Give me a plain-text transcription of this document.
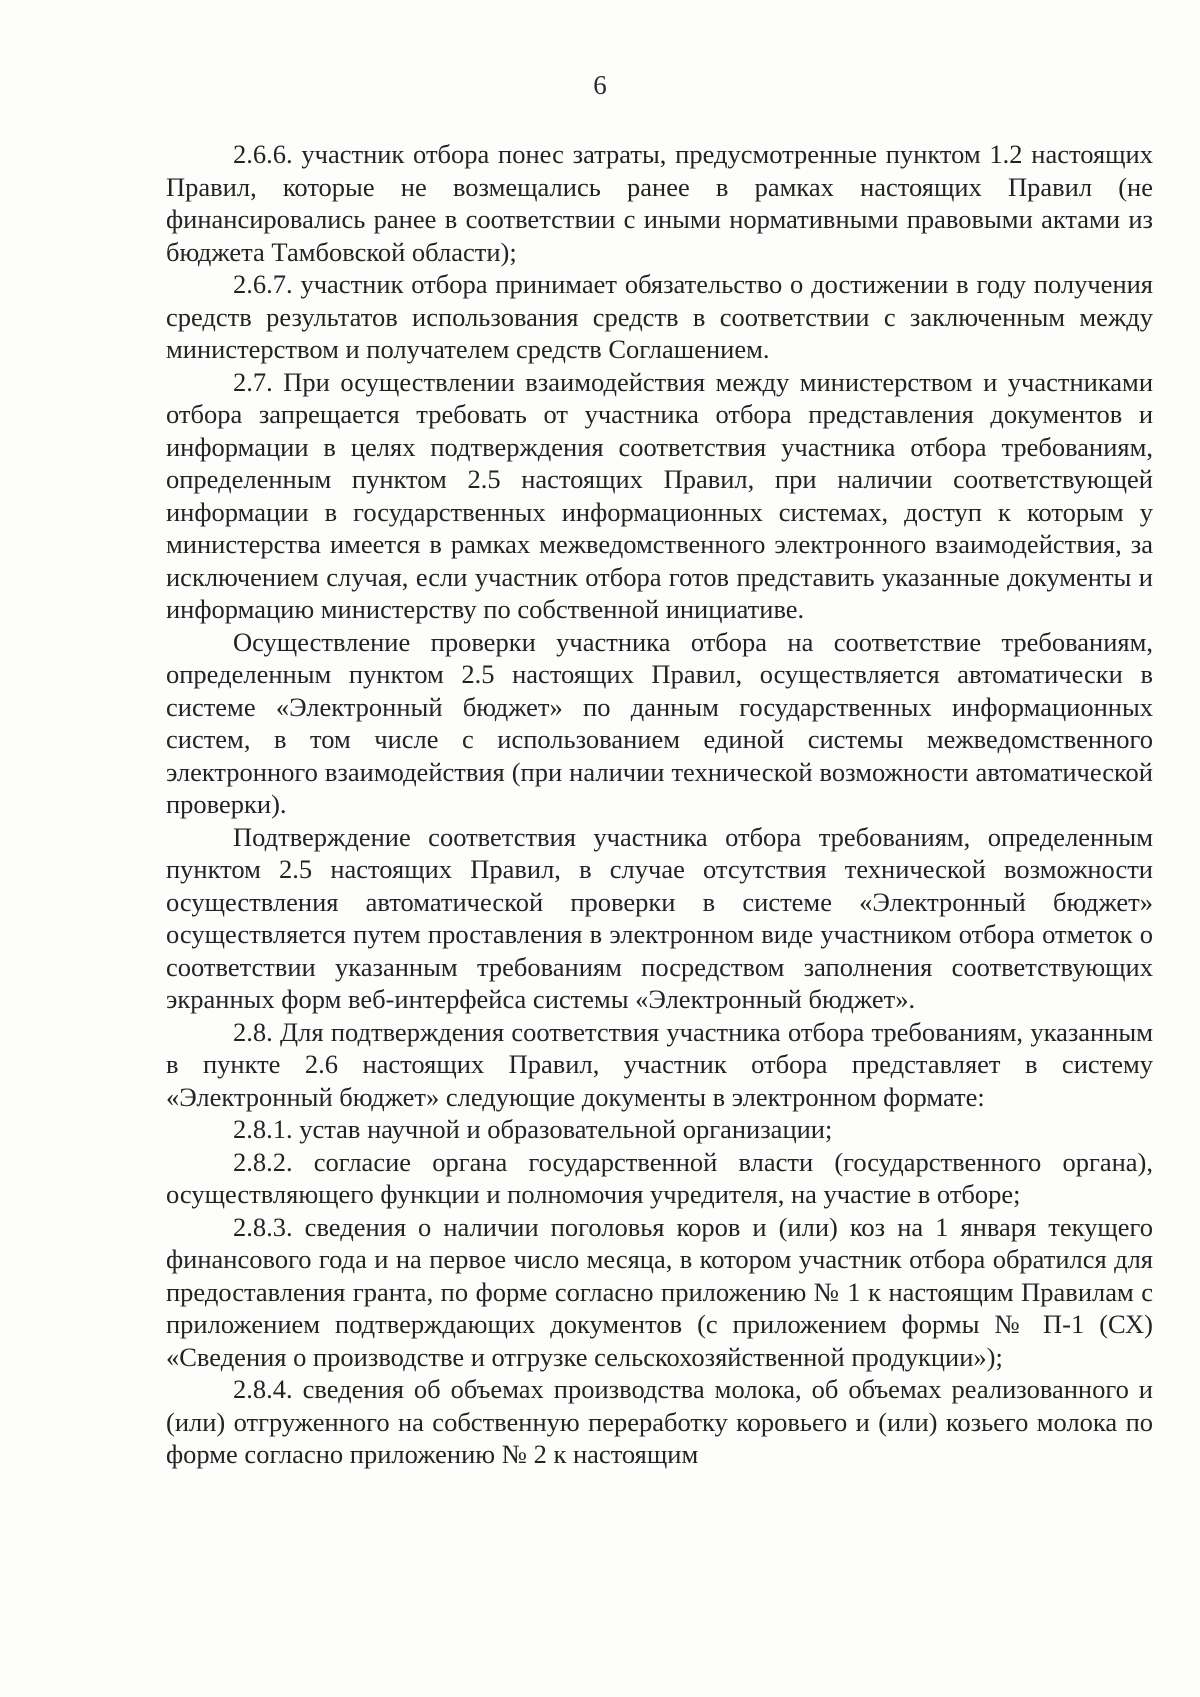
6

2.6.6. участник отбора понес затраты, предусмотренные пунктом 1.2 настоящих Правил, которые не возмещались ранее в рамках настоящих Правил (не финансировались ранее в соответствии с иными нормативными правовыми актами из бюджета Тамбовской области);

2.6.7. участник отбора принимает обязательство о достижении в году получения средств результатов использования средств в соответствии с заключенным между министерством и получателем средств Соглашением.

2.7. При осуществлении взаимодействия между министерством и участниками отбора запрещается требовать от участника отбора представления документов и информации в целях подтверждения соответствия участника отбора требованиям, определенным пунктом 2.5 настоящих Правил, при наличии соответствующей информации в государственных информационных системах, доступ к которым у министерства имеется в рамках межведомственного электронного взаимодействия, за исключением случая, если участник отбора готов представить указанные документы и информацию министерству по собственной инициативе.

Осуществление проверки участника отбора на соответствие требованиям, определенным пунктом 2.5 настоящих Правил, осуществляется автоматически в системе «Электронный бюджет» по данным государственных информационных систем, в том числе с использованием единой системы межведомственного электронного взаимодействия (при наличии технической возможности автоматической проверки).

Подтверждение соответствия участника отбора требованиям, определенным пунктом 2.5 настоящих Правил, в случае отсутствия технической возможности осуществления автоматической проверки в системе «Электронный бюджет» осуществляется путем проставления в электронном виде участником отбора отметок о соответствии указанным требованиям посредством заполнения соответствующих экранных форм веб-интерфейса системы «Электронный бюджет».

2.8. Для подтверждения соответствия участника отбора требованиям, указанным в пункте 2.6 настоящих Правил, участник отбора представляет в систему «Электронный бюджет» следующие документы в электронном формате:

2.8.1. устав научной и образовательной организации;

2.8.2. согласие органа государственной власти (государственного органа), осуществляющего функции и полномочия учредителя, на участие в отборе;

2.8.3. сведения о наличии поголовья коров и (или) коз на 1 января текущего финансового года и на первое число месяца, в котором участник отбора обратился для предоставления гранта, по форме согласно приложению № 1 к настоящим Правилам с приложением подтверждающих документов (с приложением формы № П-1 (СХ) «Сведения о производстве и отгрузке сельскохозяйственной продукции»);

2.8.4. сведения об объемах производства молока, об объемах реализованного и (или) отгруженного на собственную переработку коровьего и (или) козьего молока по форме согласно приложению № 2 к настоящим
